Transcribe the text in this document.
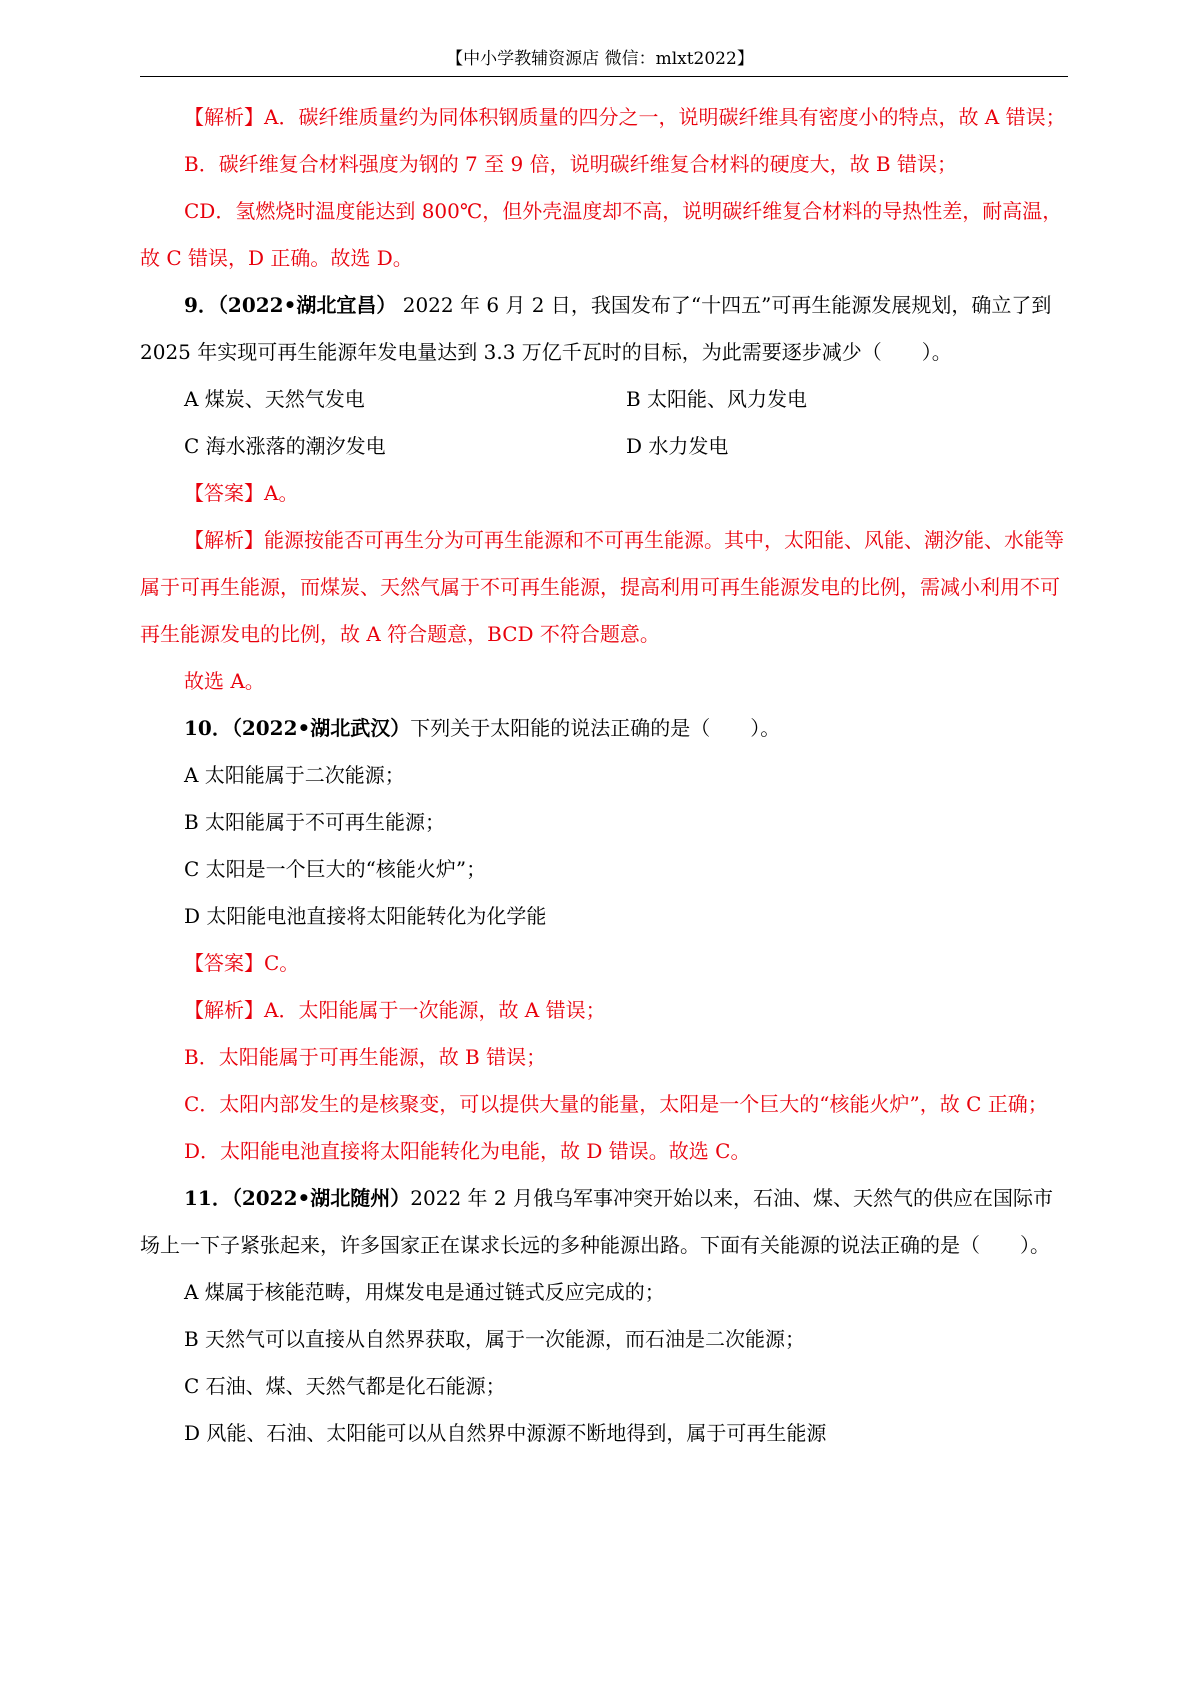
【中小学教辅资源店 微信：mlxt2022】

【解析】A．碳纤维质量约为同体积钢质量的四分之一，说明碳纤维具有密度小的特点，故 A 错误；

B．碳纤维复合材料强度为钢的 7 至 9 倍，说明碳纤维复合材料的硬度大，故 B 错误；

CD．氢燃烧时温度能达到 800℃，但外壳温度却不高，说明碳纤维复合材料的导热性差，耐高温，故 C 错误，D 正确。故选 D。

9．（2022•湖北宜昌） 2022 年 6 月 2 日，我国发布了“十四五”可再生能源发展规划，确立了到 2025 年实现可再生能源年发电量达到 3.3 万亿千瓦时的目标，为此需要逐步减少（　　）。

A 煤炭、天然气发电	B 太阳能、风力发电
C 海水涨落的潮汐发电	D 水力发电

【答案】A。

【解析】能源按能否可再生分为可再生能源和不可再生能源。其中，太阳能、风能、潮汐能、水能等属于可再生能源，而煤炭、天然气属于不可再生能源，提高利用可再生能源发电的比例，需减小利用不可再生能源发电的比例，故 A 符合题意，BCD 不符合题意。

故选 A。

10．（2022•湖北武汉）下列关于太阳能的说法正确的是（　　）。

A 太阳能属于二次能源；

B 太阳能属于不可再生能源；

C 太阳是一个巨大的“核能火炉”；

D 太阳能电池直接将太阳能转化为化学能

【答案】C。

【解析】A．太阳能属于一次能源，故 A 错误；

B．太阳能属于可再生能源，故 B 错误；

C．太阳内部发生的是核聚变，可以提供大量的能量，太阳是一个巨大的“核能火炉”，故 C 正确；

D．太阳能电池直接将太阳能转化为电能，故 D 错误。故选 C。

11．（2022•湖北随州）2022 年 2 月俄乌军事冲突开始以来，石油、煤、天然气的供应在国际市场上一下子紧张起来，许多国家正在谋求长远的多种能源出路。下面有关能源的说法正确的是（　　）。

A 煤属于核能范畴，用煤发电是通过链式反应完成的；

B 天然气可以直接从自然界获取，属于一次能源，而石油是二次能源；

C 石油、煤、天然气都是化石能源；

D 风能、石油、太阳能可以从自然界中源源不断地得到，属于可再生能源
